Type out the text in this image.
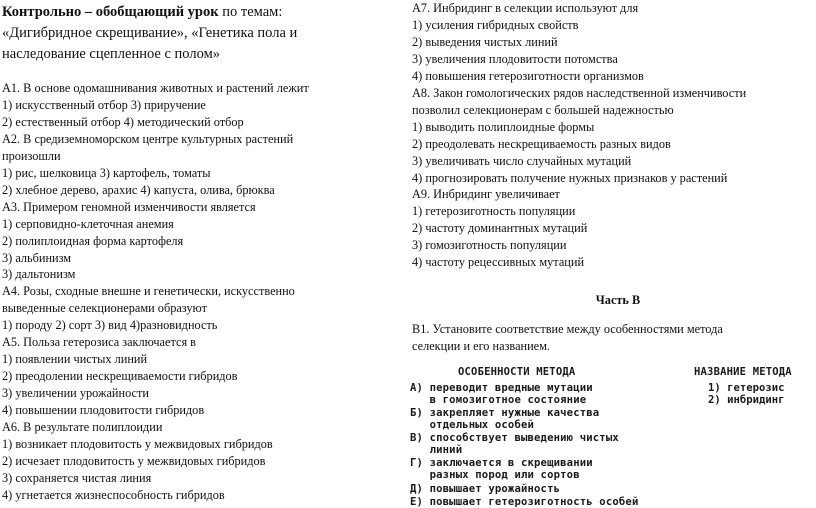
Контрольно – обобщающий урок по темам:
«Дигибридное скрещивание», «Генетика пола и
наследование сцепленное с полом»
А1. В основе одомашнивания животных и растений лежит
1) искусственный отбор 3) приручение
2) естественный отбор 4) методический отбор
А2. В средиземноморском центре культурных растений
произошли
1) рис, шелковица 3) картофель, томаты
2) хлебное дерево, арахис 4) капуста, олива, брюква
А3. Примером геномной изменчивости является
1) серповидно-клеточная анемия
2) полиплоидная форма картофеля
3) альбинизм
3) дальтонизм
А4. Розы, сходные внешне и генетически, искусственно
выведенные селекционерами образуют
1) породу 2) сорт 3) вид 4)разновидность
А5. Польза гетерозиса заключается в
1) появлении чистых линий
2) преодолении нескрещиваемости гибридов
3) увеличении урожайности
4) повышении плодовитости гибридов
А6. В результате полиплоидии
1) возникает плодовитость у межвидовых гибридов
2) исчезает плодовитость у межвидовых гибридов
3) сохраняется чистая линия
4) угнетается жизнеспособность гибридов
А7. Инбридинг в селекции используют для
1) усиления гибридных свойств
2) выведения чистых линий
3) увеличения плодовитости потомства
4) повышения гетерозиготности организмов
А8. Закон гомологических рядов наследственной изменчивости
позволил селекционерам с большей надежностью
1) выводить полиплоидные формы
2) преодолевать нескрещиваемость разных видов
3) увеличивать число случайных мутаций
4) прогнозировать получение нужных признаков у растений
А9. Инбридинг увеличивает
1) гетерозиготность популяции
2) частоту доминантных мутаций
3) гомозиготность популяции
4) частоту рецессивных мутаций
Часть В
В1. Установите соответствие между особенностями метода
селекции и его названием.
ОСОБЕННОСТИ МЕТОДА	НАЗВАНИЕ МЕТОДА
А) переводит вредные мутации
в гомозиготное состояние
Б) закрепляет нужные качества
отдельных особей
В) способствует выведению чистых
линий
Г) заключается в скрещивании
разных пород или сортов
Д) повышает урожайность
Е) повышает гетерозиготность особей
1) гетерозис
2) инбридинг
